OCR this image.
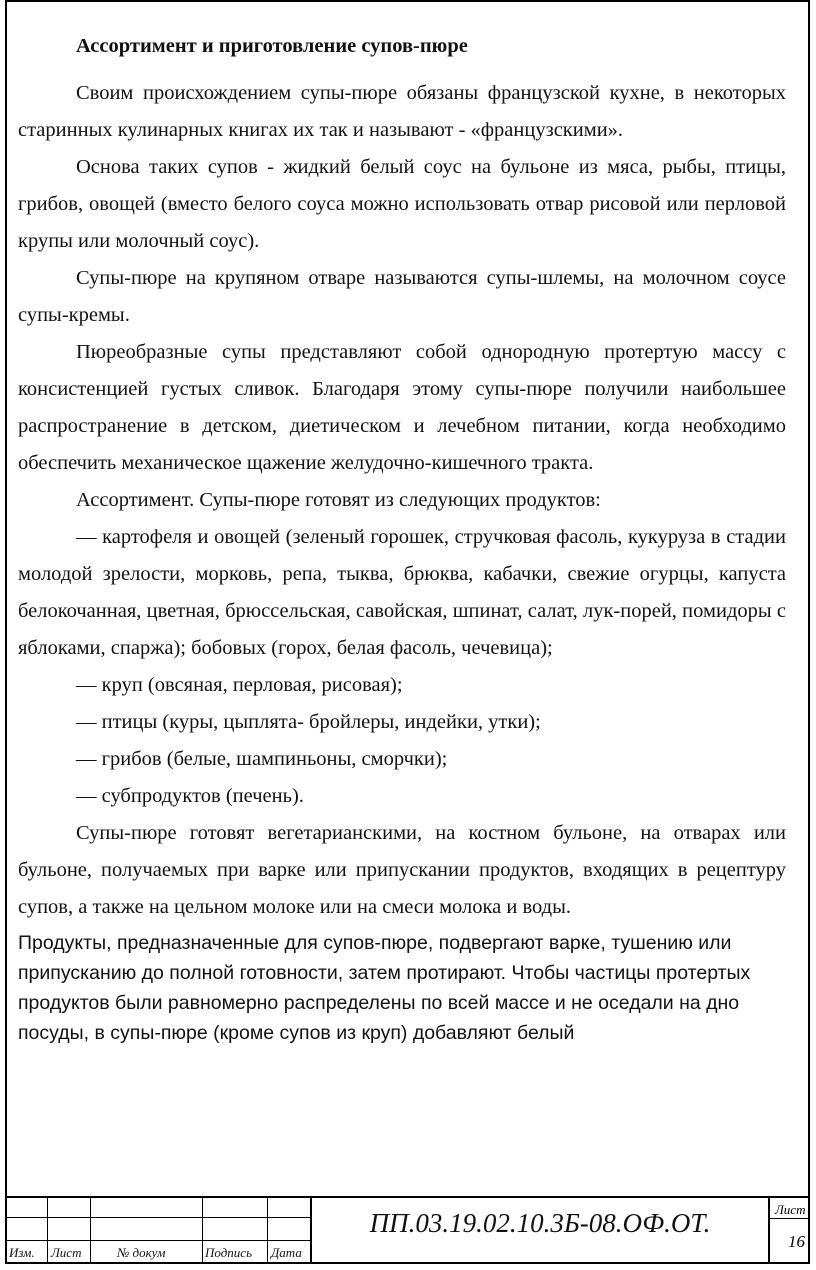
Ассортимент и приготовление супов-пюре

Своим происхождением супы-пюре обязаны французской кухне, в некоторых старинных кулинарных книгах их так и называют - «французскими».

Основа таких супов - жидкий белый соус на бульоне из мяса, рыбы, птицы, грибов, овощей (вместо белого соуса можно использовать отвар рисовой или перловой крупы или молочный соус).

Супы-пюре на крупяном отваре называются супы-шлемы, на молочном соусе супы-кремы.

Пюреобразные супы представляют собой однородную протертую массу с консистенцией густых сливок. Благодаря этому супы-пюре получили наибольшее распространение в детском, диетическом и лечебном питании, когда необходимо обеспечить механическое щажение желудочно-кишечного тракта.

Ассортимент. Супы-пюре готовят из следующих продуктов:

— картофеля и овощей (зеленый горошек, стручковая фасоль, кукуруза в стадии молодой зрелости, морковь, репа, тыква, брюква, кабачки, свежие огурцы, капуста белокочанная, цветная, брюссельская, савойская, шпинат, салат, лук-порей, помидоры с яблоками, спаржа); бобовых (горох, белая фасоль, чечевица);

— круп (овсяная, перловая, рисовая);

— птицы (куры, цыплята- бройлеры, индейки, утки);

— грибов (белые, шампиньоны, сморчки);

— субпродуктов (печень).

Супы-пюре готовят вегетарианскими, на костном бульоне, на отварах или бульоне, получаемых при варке или припускании продуктов, входящих в рецептуру супов, а также на цельном молоке или на смеси молока и воды.

Продукты, предназначенные для супов-пюре, подвергают варке, тушению или припусканию до полной готовности, затем протирают. Чтобы частицы протертых продуктов были равномерно распределены по всей массе и не оседали на дно посуды, в супы-пюре (кроме супов из круп) добавляют белый

Изм. Лист	№ докум	Подпись Дата
ПП.03.19.02.10.3Б-08.ОФ.ОТ.	Лист
16
